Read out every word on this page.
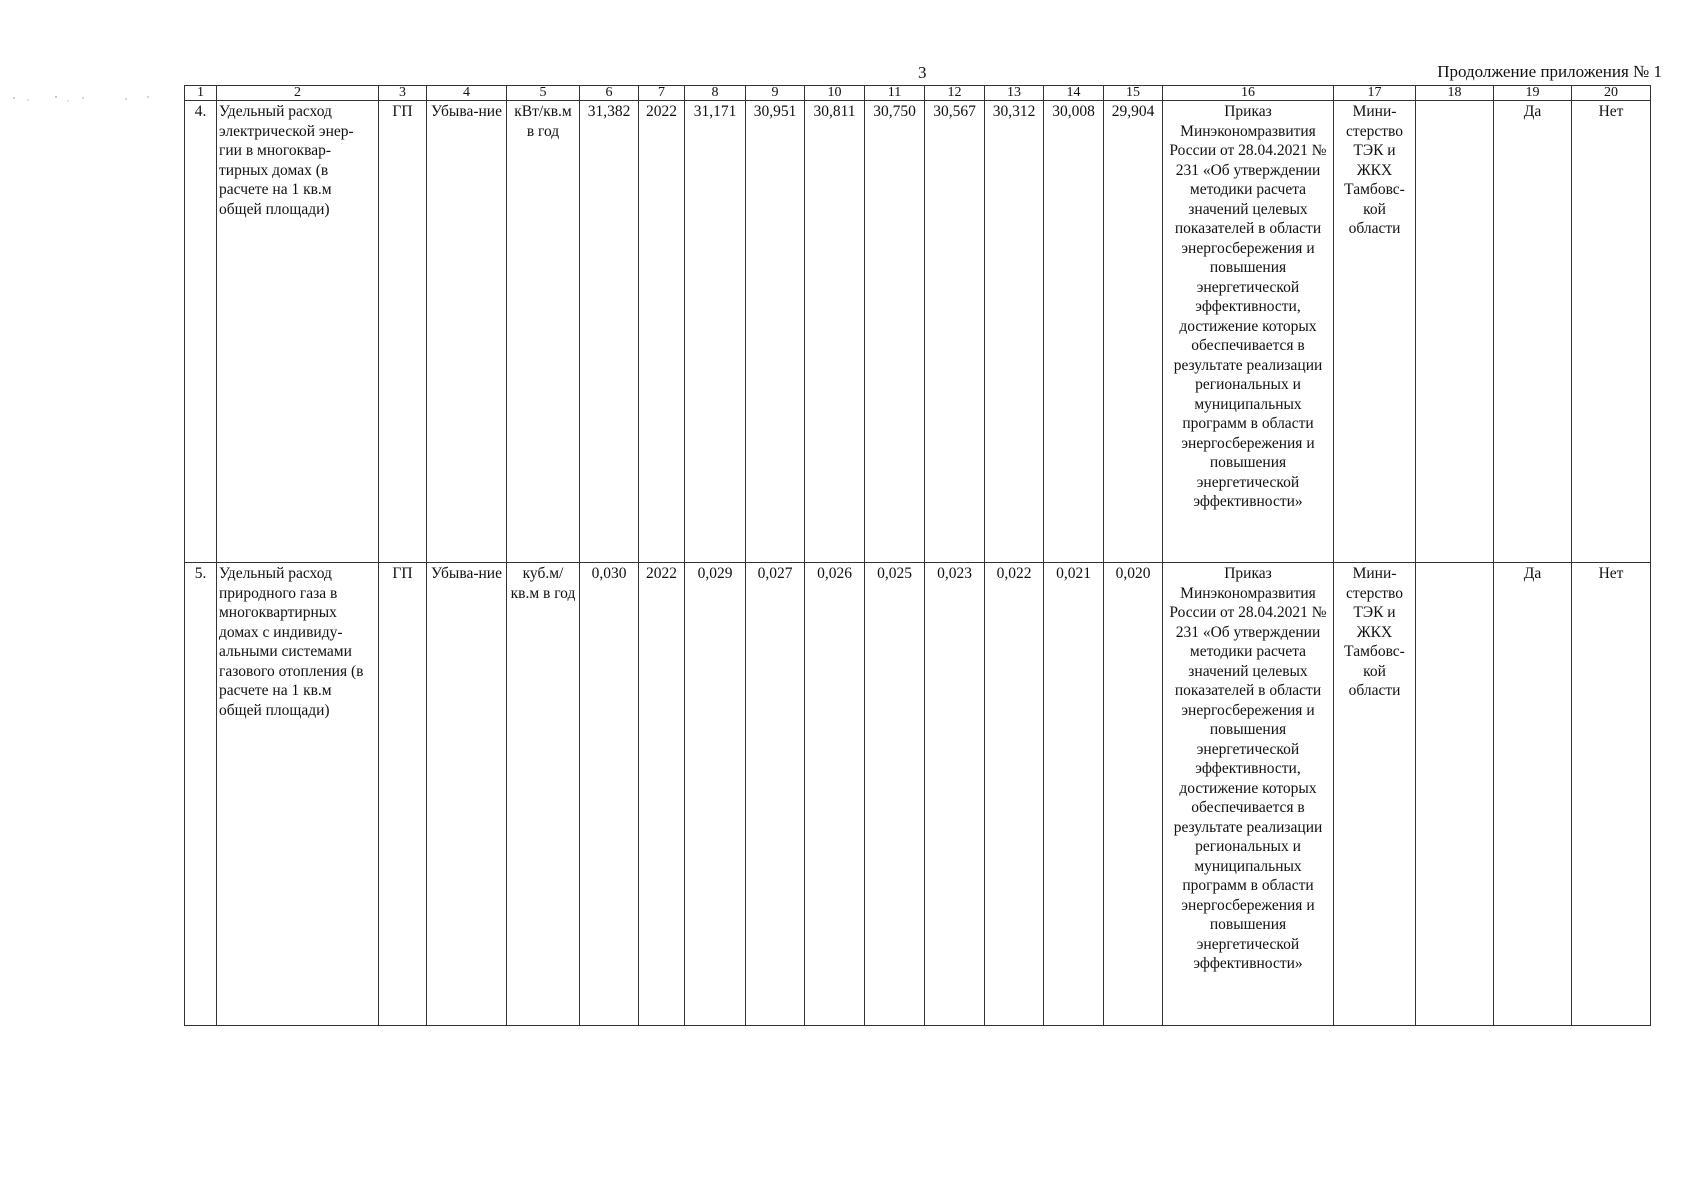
3	Продолжение приложения № 1
1	2	3	4	5	6	7	8	9	10	11	12	13	14	15	16	17	18	19	20
4.	Удельный расход электрической энер-гии в многоквар-тирных домах (в расчете на 1 кв.м общей площади)	ГП	Убыва-ние	кВт/кв.м в год	31,382	2022	31,171	30,951	30,811	30,750	30,567	30,312	30,008	29,904	Приказ Минэкономразвития России от 28.04.2021 № 231 «Об утверждении методики расчета значений целевых показателей в области энергосбережения и повышения энергетической эффективности, достижение которых обеспечивается в результате реализации региональных и муниципальных программ в области энергосбережения и повышения энергетической эффективности»	Мини-стерство ТЭК и ЖКХ Тамбовс-кой области		Да	Нет
5.	Удельный расход природного газа в многоквартирных домах с индивиду-альными системами газового отопления (в расчете на 1 кв.м общей площади)	ГП	Убыва-ние	куб.м/ кв.м в год	0,030	2022	0,029	0,027	0,026	0,025	0,023	0,022	0,021	0,020	Приказ Минэкономразвития России от 28.04.2021 № 231 «Об утверждении методики расчета значений целевых показателей в области энергосбережения и повышения энергетической эффективности, достижение которых обеспечивается в результате реализации региональных и муниципальных программ в области энергосбережения и повышения энергетической эффективности»	Мини-стерство ТЭК и ЖКХ Тамбовс-кой области		Да	Нет
